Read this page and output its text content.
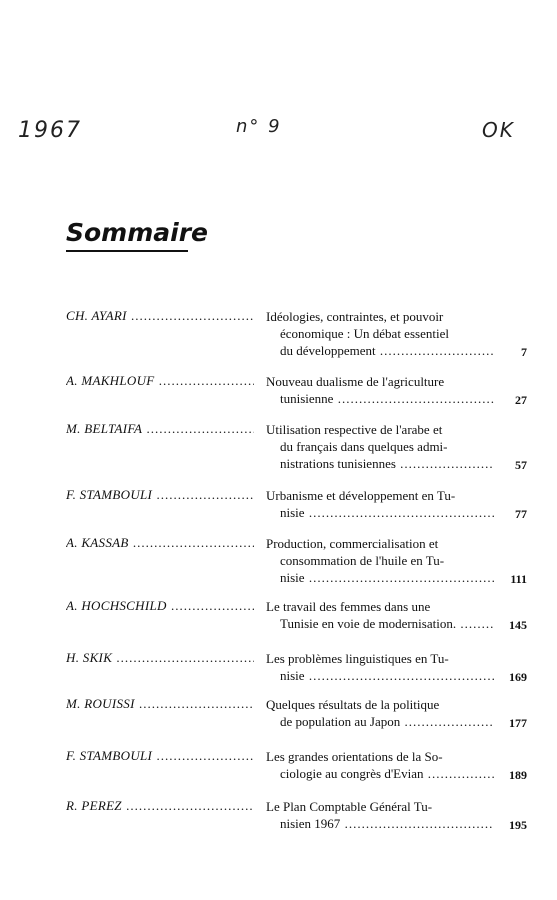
1967	n° 9	OK
Sommaire
CH. AYARI .....	Idéologies, contraintes, et pouvoir
économique : Un débat essentiel
du développement .....	7
A. MAKHLOUF .....	Nouveau dualisme de l'agriculture
tunisienne .....	27
M. BELTAIFA .....	Utilisation respective de l'arabe et
du français dans quelques admi-
nistrations tunisiennes .....	57
F. STAMBOULI .....	Urbanisme et développement en Tu-
nisie .....	77
A. KASSAB .....	Production, commercialisation et
consommation de l'huile en Tu-
nisie .....	111
A. HOCHSCHILD .....	Le travail des femmes dans une
Tunisie en voie de modernisation. .....	145
H. SKIK .....	Les problèmes linguistiques en Tu-
nisie .....	169
M. ROUISSI .....	Quelques résultats de la politique
de population au Japon .....	177
F. STAMBOULI .....	Les grandes orientations de la So-
ciologie au congrès d'Evian .....	189
R. PEREZ .....	Le Plan Comptable Général Tu-
nisien 1967 .....	195
